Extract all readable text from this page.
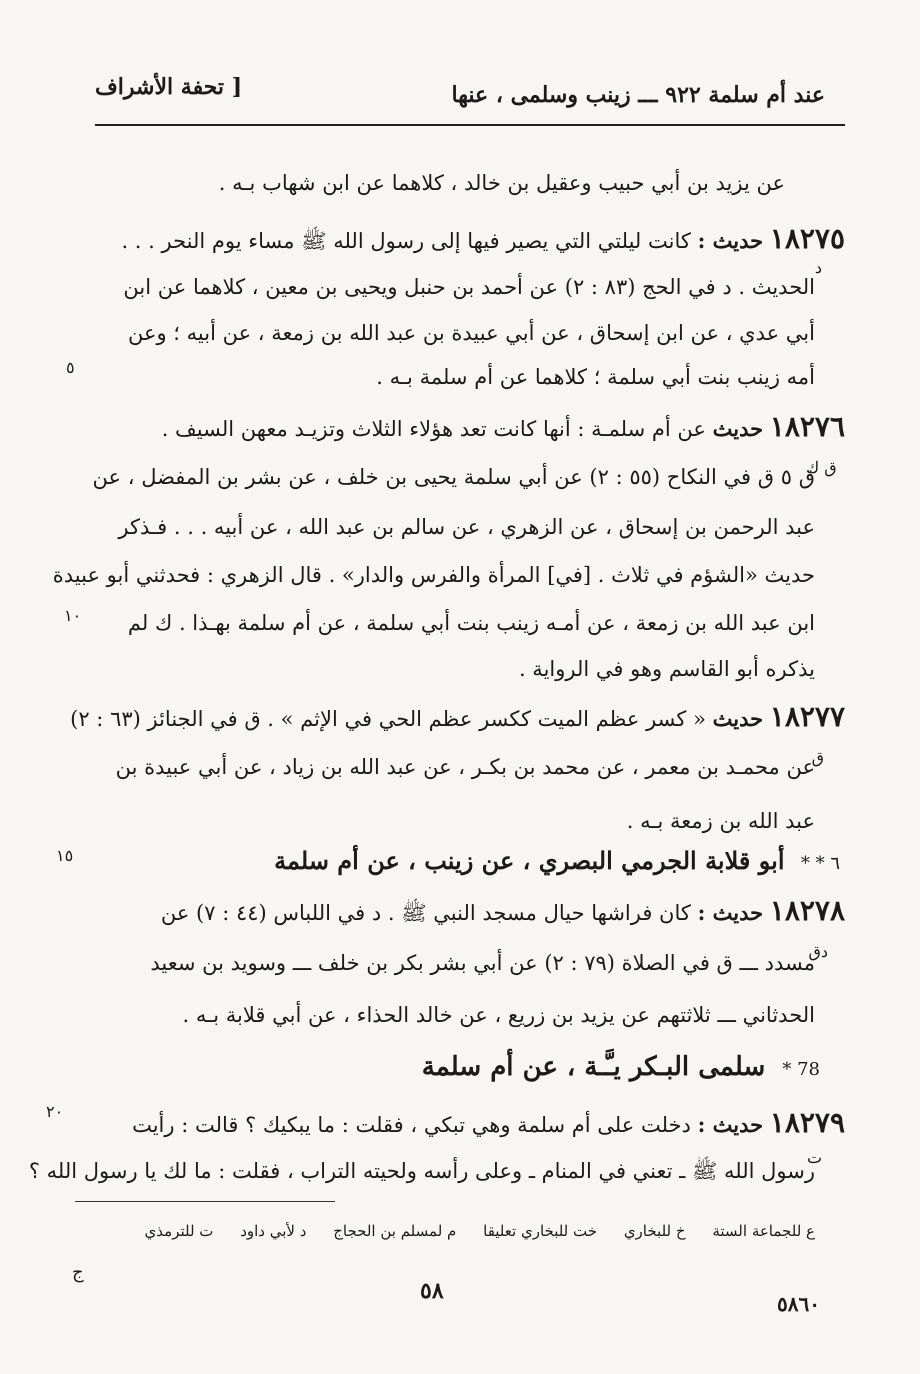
عند أم سلمة ٩٢٢ ـــ زينب وسلمى ، عنها
[ تحفة الأشراف
عن يزيد بن أبي حبيب وعقيل بن خالد ، كلاهما عن ابن شهاب بـه .
١٨٢٧٥ حديث : كانت ليلتي التي يصير فيها إلى رسول الله ﷺ مساء يوم النحر . . .
د
الحديث . د في الحج (٨٣ : ٢) عن أحمد بن حنبل ويحيى بن معين ، كلاهما عن ابن
أبي عدي ، عن ابن إسحاق ، عن أبي عبيدة بن عبد الله بن زمعة ، عن أبيه ؛ وعن
٥	أمه زينب بنت أبي سلمة ؛ كلاهما عن أم سلمة بـه .
١٨٢٧٦ حديث عن أم سلمـة : أنها كانت تعد هؤلاء الثلاث وتزيـد معهن السيف .
ق ك
ق ٥ ق في النكاح (٥٥ : ٢) عن أبي سلمة يحيى بن خلف ، عن بشر بن المفضل ، عن
عبد الرحمن بن إسحاق ، عن الزهري ، عن سالم بن عبد الله ، عن أبيه . . . فـذكر
حديث «الشؤم في ثلاث . [في] المرأة والفرس والدار» . قال الزهري : فحدثني أبو عبيدة
ابن عبد الله بن زمعة ، عن أمـه زينب بنت أبي سلمة ، عن أم سلمة بهـذا . ك لم
١٠
يذكره أبو القاسم وهو في الرواية .
١٨٢٧٧ حديث « كسر عظم الميت ككسر عظم الحي في الإثم » . ق في الجنائز (٦٣ : ٢)
ق
عن محمـد بن معمر ، عن محمد بن بكـر ، عن عبد الله بن زياد ، عن أبي عبيدة بن
عبد الله بن زمعة بـه .
٦ * * أبو قلابة الجرمي البصري ، عن زينب ، عن أم سلمة
١٥
١٨٢٧٨ حديث : كان فراشها حيال مسجد النبي ﷺ . د في اللباس (٤٤ : ٧) عن
دق
مسدد ـــ ق في الصلاة (٧٩ : ٢) عن أبي بشر بكر بن خلف ـــ وسويد بن سعيد
الحدثاني ـــ ثلاثتهم عن يزيد بن زريع ، عن خالد الحذاء ، عن أبي قلابة بـه .
78 * سلمى البـكر يـَّـة ، عن أم سلمة
١٨٢٧٩ حديث : دخلت على أم سلمة وهي تبكي ، فقلت : ما يبكيك ؟ قالت : رأيت
٢٠
ت
رسول الله ﷺ ـ تعني في المنام ـ وعلى رأسه ولحيته التراب ، فقلت : ما لك يا رسول الله ؟
ع للجماعة الستة خ للبخاري خت للبخاري تعليقا م لمسلم بن الحجاج د لأبي داود ت للترمذي
ج
٥٨	٥٨٦٠
